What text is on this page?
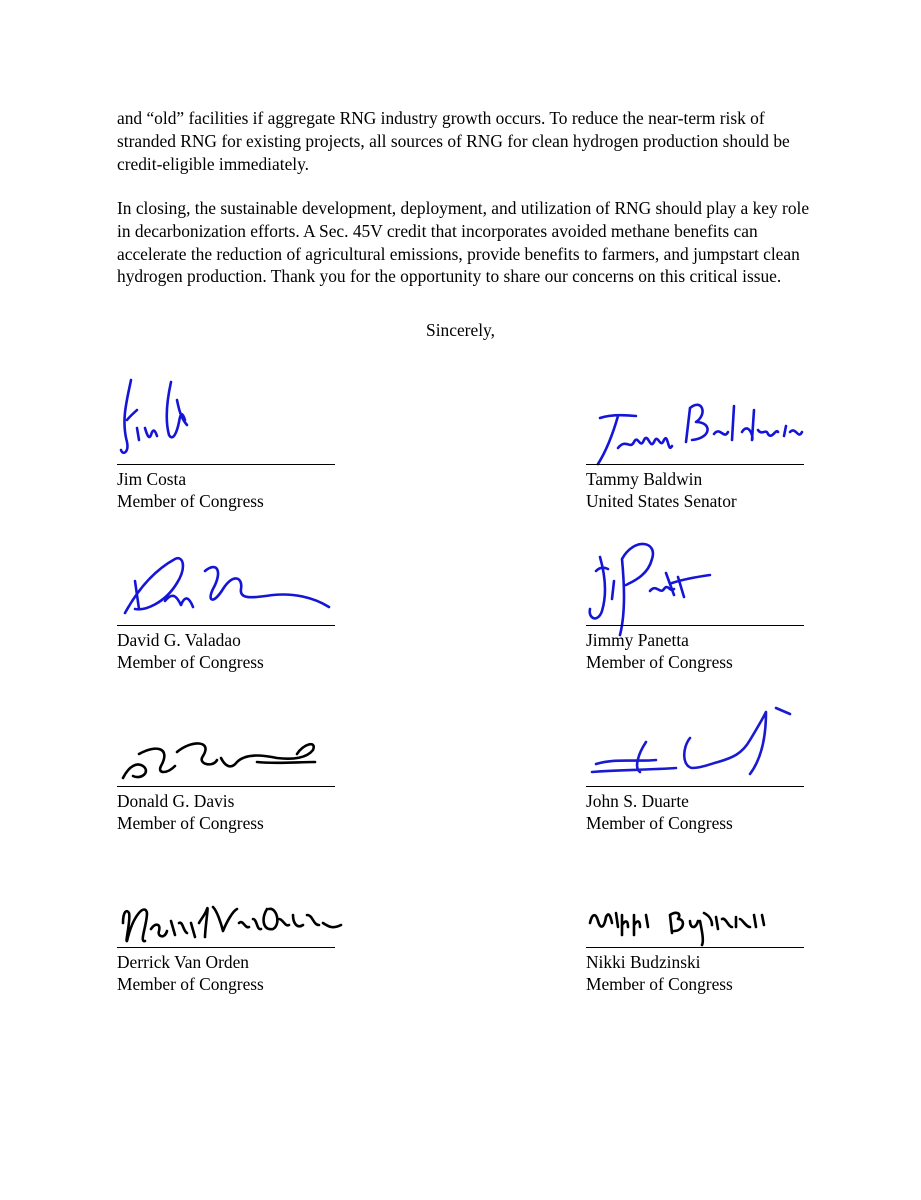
and “old” facilities if aggregate RNG industry growth occurs. To reduce the near-term risk of stranded RNG for existing projects, all sources of RNG for clean hydrogen production should be credit-eligible immediately.

In closing, the sustainable development, deployment, and utilization of RNG should play a key role in decarbonization efforts. A Sec. 45V credit that incorporates avoided methane benefits can accelerate the reduction of agricultural emissions, provide benefits to farmers, and jumpstart clean hydrogen production. Thank you for the opportunity to share our concerns on this critical issue.

Sincerely,
Jim Costa
Member of Congress
Tammy Baldwin
United States Senator
David G. Valadao
Member of Congress
Jimmy Panetta
Member of Congress
Donald G. Davis
Member of Congress
John S. Duarte
Member of Congress
Derrick Van Orden
Member of Congress
Nikki Budzinski
Member of Congress
